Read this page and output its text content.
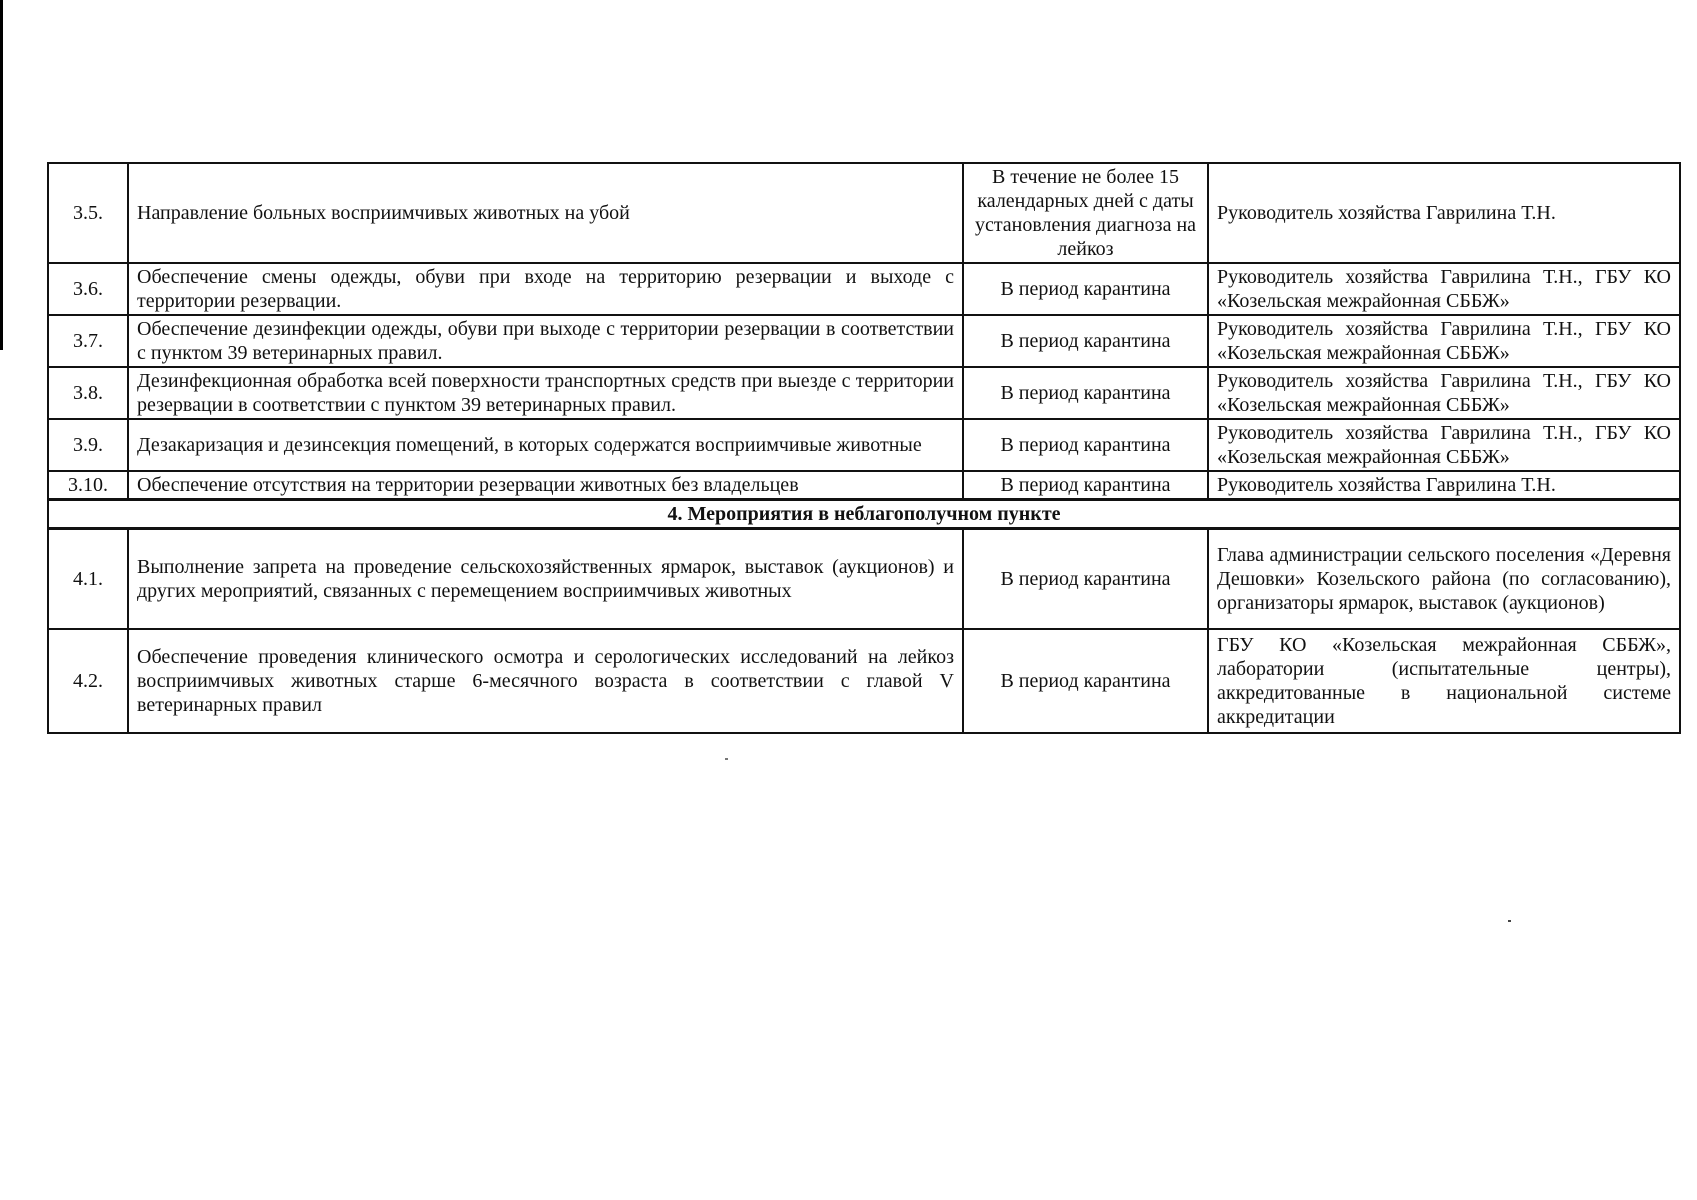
3.5.	Направление больных восприимчивых животных на убой	В течение не более 15 календарных дней с даты установления диагноза на лейкоз	Руководитель хозяйства Гаврилина Т.Н.
3.6.	Обеспечение смены одежды, обуви при входе на территорию резервации и выходе с территории резервации.	В период карантина	Руководитель хозяйства Гаврилина Т.Н., ГБУ КО «Козельская межрайонная СББЖ»
3.7.	Обеспечение дезинфекции одежды, обуви при выходе с территории резервации в соответствии с пунктом 39 ветеринарных правил.	В период карантина	Руководитель хозяйства Гаврилина Т.Н., ГБУ КО «Козельская межрайонная СББЖ»
3.8.	Дезинфекционная обработка всей поверхности транспортных средств при выезде с территории резервации в соответствии с пунктом 39 ветеринарных правил.	В период карантина	Руководитель хозяйства Гаврилина Т.Н., ГБУ КО «Козельская межрайонная СББЖ»
3.9.	Дезакаризация и дезинсекция помещений, в которых содержатся восприимчивые животные	В период карантина	Руководитель хозяйства Гаврилина Т.Н., ГБУ КО «Козельская межрайонная СББЖ»
3.10.	Обеспечение отсутствия на территории резервации животных без владельцев	В период карантина	Руководитель хозяйства Гаврилина Т.Н.
4. Мероприятия в неблагополучном пункте			
4.1.	Выполнение запрета на проведение сельскохозяйственных ярмарок, выставок (аукционов) и других мероприятий, связанных с перемещением восприимчивых животных	В период карантина	Глава администрации сельского поселения «Деревня Дешовки» Козельского района (по согласованию), организаторы ярмарок, выставок (аукционов)
4.2.	Обеспечение проведения клинического осмотра и серологических исследований на лейкоз восприимчивых животных старше 6-месячного возраста в соответствии с главой V ветеринарных правил	В период карантина	ГБУ КО «Козельская межрайонная СББЖ», лаборатории (испытательные центры), аккредитованные в национальной системе аккредитации
